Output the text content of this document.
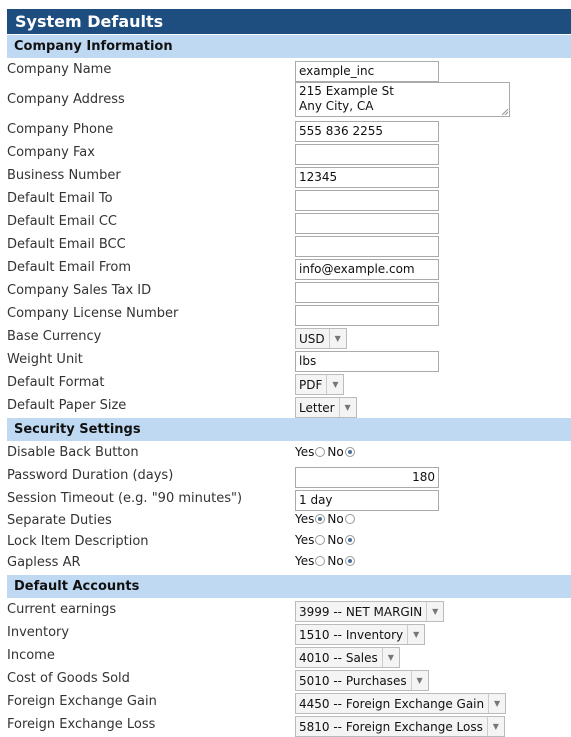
System Defaults
Company Information
Company Name	example_inc
Company Address
215 Example St
Any City, CA
Company Phone	555 836 2255
Company Fax
Business Number	12345
Default Email To
Default Email CC
Default Email BCC
Default Email From	info@example.com
Company Sales Tax ID
Company License Number
Base Currency	USD	▼
Weight Unit	lbs
Default Format	PDF	▼
Default Paper Size	Letter	▼
Security Settings
Disable Back Button	Yes No
Password Duration (days)	180
Session Timeout (e.g. "90 minutes")	1 day
Separate Duties	Yes No
Lock Item Description	Yes No
Gapless AR	Yes No
Default Accounts
Current earnings	3999 -- NET MARGIN	▼
Inventory	1510 -- Inventory	▼
Income	4010 -- Sales	▼
Cost of Goods Sold	5010 -- Purchases	▼
Foreign Exchange Gain	4450 -- Foreign Exchange Gain	▼
Foreign Exchange Loss	5810 -- Foreign Exchange Loss	▼
